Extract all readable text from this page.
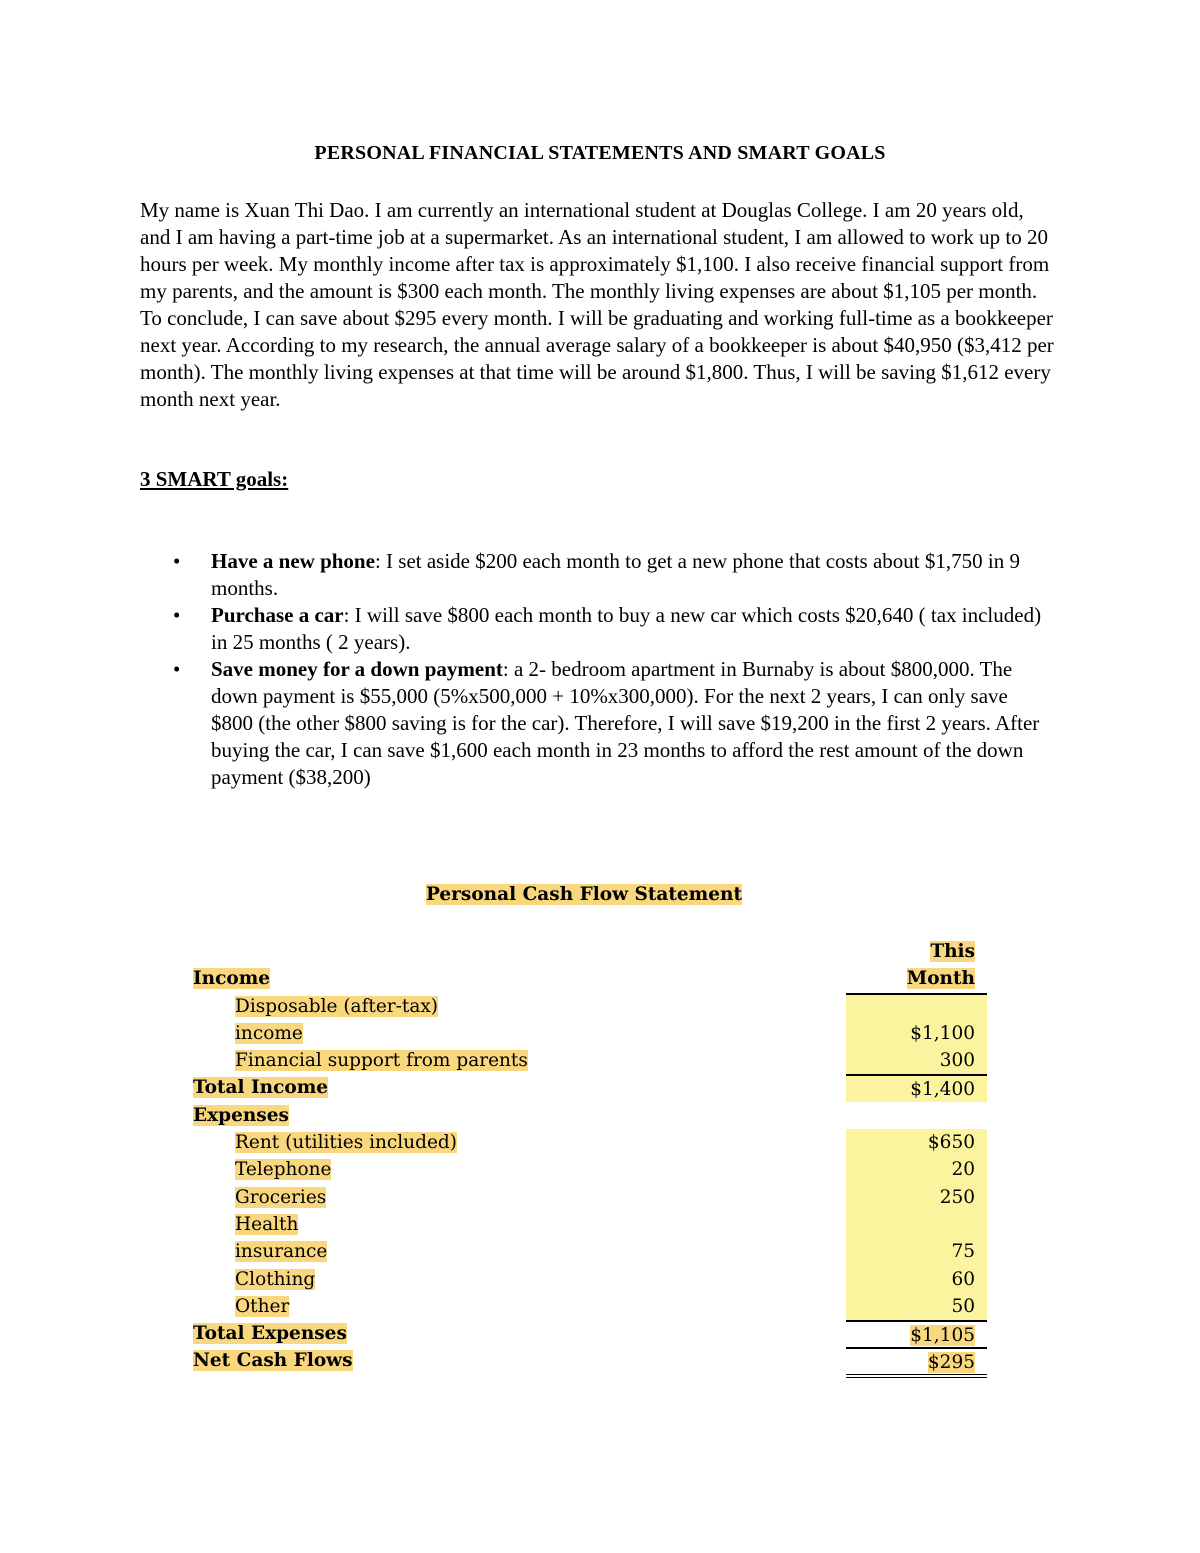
PERSONAL FINANCIAL STATEMENTS AND SMART GOALS

My name is Xuan Thi Dao. I am currently an international student at Douglas College. I am 20 years old, and I am having a part-time job at a supermarket. As an international student, I am allowed to work up to 20 hours per week. My monthly income after tax is approximately $1,100. I also receive financial support from my parents, and the amount is $300 each month. The monthly living expenses are about $1,105 per month. To conclude, I can save about $295 every month. I will be graduating and working full-time as a bookkeeper next year. According to my research, the annual average salary of a bookkeeper is about $40,950 ($3,412 per month). The monthly living expenses at that time will be around $1,800. Thus, I will be saving $1,612 every month next year.

3 SMART goals:
• Have a new phone: I set aside $200 each month to get a new phone that costs about $1,750 in 9 months.
• Purchase a car: I will save $800 each month to buy a new car which costs $20,640 ( tax included) in 25 months ( 2 years).
• Save money for a down payment: a 2- bedroom apartment in Burnaby is about $800,000. The down payment is $55,000 (5%x500,000 + 10%x300,000). For the next 2 years, I can only save $800 (the other $800 saving is for the car). Therefore, I will save $19,200 in the first 2 years. After buying the car, I can save $1,600 each month in 23 months to afford the rest amount of the down payment ($38,200)
Personal Cash Flow Statement
This
Income	Month
Disposable (after-tax)
income	$1,100
Financial support from parents	300
Total Income	$1,400
Expenses
Rent (utilities included)	$650
Telephone	20
Groceries	250
Health
insurance	75
Clothing	60
Other	50
Total Expenses	$1,105
Net Cash Flows	$295
